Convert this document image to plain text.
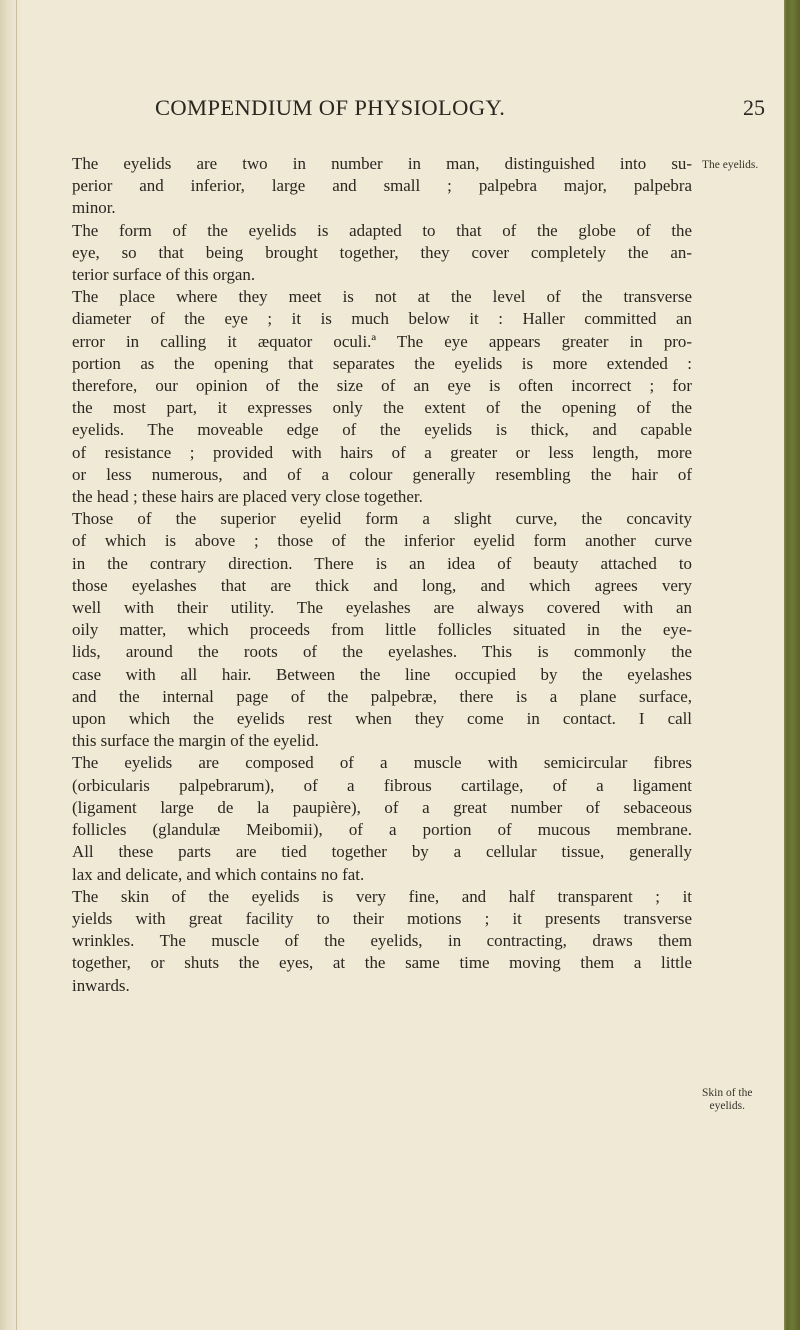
COMPENDIUM OF PHYSIOLOGY.	25
The eyelids.
Skin of the
eyelids.

The eyelids are two in number in man, distinguished into su-
perior and inferior, large and small ; palpebra major, palpebra
minor.

The form of the eyelids is adapted to that of the globe of the
eye, so that being brought together, they cover completely the an-
terior surface of this organ.

The place where they meet is not at the level of the transverse
diameter of the eye ; it is much below it : Haller committed an
error in calling it æquator oculi.ª The eye appears greater in pro-
portion as the opening that separates the eyelids is more extended :
therefore, our opinion of the size of an eye is often incorrect ; for
the most part, it expresses only the extent of the opening of the
eyelids. The moveable edge of the eyelids is thick, and capable
of resistance ; provided with hairs of a greater or less length, more
or less numerous, and of a colour generally resembling the hair of
the head ; these hairs are placed very close together.

Those of the superior eyelid form a slight curve, the concavity
of which is above ; those of the inferior eyelid form another curve
in the contrary direction. There is an idea of beauty attached to
those eyelashes that are thick and long, and which agrees very
well with their utility. The eyelashes are always covered with an
oily matter, which proceeds from little follicles situated in the eye-
lids, around the roots of the eyelashes. This is commonly the
case with all hair. Between the line occupied by the eyelashes
and the internal page of the palpebræ, there is a plane surface,
upon which the eyelids rest when they come in contact. I call
this surface the margin of the eyelid.

The eyelids are composed of a muscle with semicircular fibres
(orbicularis palpebrarum), of a fibrous cartilage, of a ligament
(ligament large de la paupière), of a great number of sebaceous
follicles (glandulæ Meibomii), of a portion of mucous membrane.
All these parts are tied together by a cellular tissue, generally
lax and delicate, and which contains no fat.

The skin of the eyelids is very fine, and half transparent ; it
yields with great facility to their motions ; it presents transverse
wrinkles. The muscle of the eyelids, in contracting, draws them
together, or shuts the eyes, at the same time moving them a little
inwards.
